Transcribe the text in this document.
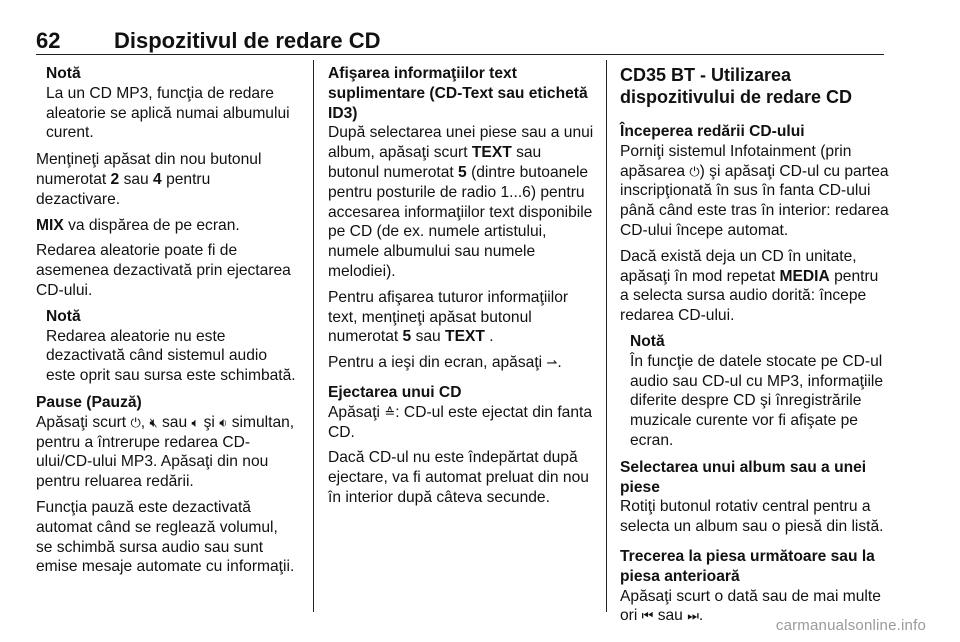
62	Dispozitivul de redare CD
Notă
La un CD MP3, funcţia de redare aleatorie se aplică numai albumului curent.

Menţineţi apăsat din nou butonul numerotat 2 sau 4 pentru dezactivare.

MIX va dispărea de pe ecran.

Redarea aleatorie poate fi de asemenea dezactivată prin ejectarea CD-ului.

Notă
Redarea aleatorie nu este dezactivată când sistemul audio este oprit sau sursa este schimbată.

Pause (Pauză)
Apăsaţi scurt ⏻, 🔇︎ sau 🔈︎ şi 🔉︎ simultan, pentru a întrerupe redarea CD-ului/CD-ului MP3. Apăsaţi din nou pentru reluarea redării.

Funcţia pauză este dezactivată automat când se reglează volumul, se schimbă sursa audio sau sunt emise mesaje automate cu informaţii.

Afişarea informaţiilor text suplimentare (CD-Text sau etichetă ID3)
După selectarea unei piese sau a unui album, apăsaţi scurt TEXT sau butonul numerotat 5 (dintre butoanele pentru posturile de radio 1...6) pentru accesarea informaţiilor text disponibile pe CD (de ex. numele artistului, numele albumului sau numele melodiei).

Pentru afişarea tuturor informaţiilor text, menţineţi apăsat butonul numerotat 5 sau TEXT .

Pentru a ieşi din ecran, apăsaţi ⇀.

Ejectarea unui CD
Apăsaţi ≙: CD-ul este ejectat din fanta CD.

Dacă CD-ul nu este îndepărtat după ejectare, va fi automat preluat din nou în interior după câteva secunde.

CD35 BT - Utilizarea dispozitivului de redare CD

Începerea redării CD-ului
Porniţi sistemul Infotainment (prin apăsarea ⏻) şi apăsaţi CD-ul cu partea inscripţionată în sus în fanta CD-ului până când este tras în interior: redarea CD-ului începe automat.

Dacă există deja un CD în unitate, apăsaţi în mod repetat MEDIA pentru a selecta sursa audio dorită: începe redarea CD-ului.

Notă
În funcţie de datele stocate pe CD-ul audio sau CD-ul cu MP3, informaţiile diferite despre CD şi înregistrările muzicale curente vor fi afişate pe ecran.

Selectarea unui album sau a unei piese
Rotiţi butonul rotativ central pentru a selecta un album sau o piesă din listă.

Trecerea la piesa următoare sau la piesa anterioară
Apăsaţi scurt o dată sau de mai multe ori ⏮ sau ⏭.

carmanualsonline.info
